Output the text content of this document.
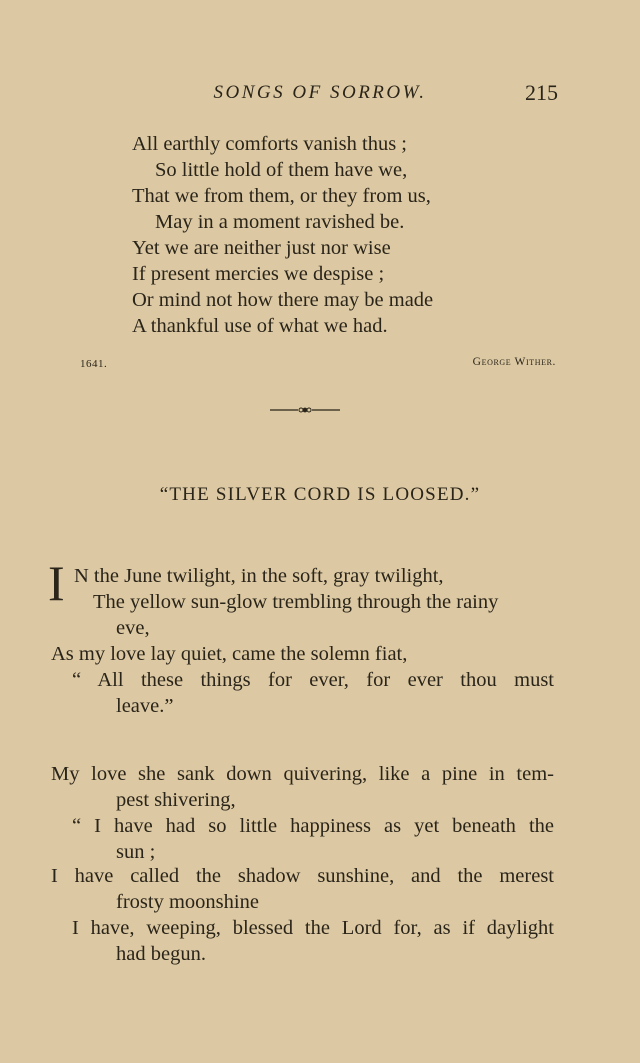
SONGS OF SORROW.	215
All earthly comforts vanish thus ;
So little hold of them have we,
That we from them, or they from us,
May in a moment ravished be.
Yet we are neither just nor wise
If present mercies we despise ;
Or mind not how there may be made
A thankful use of what we had.
1641.	George Wither.
“THE SILVER CORD IS LOOSED.”
I N the June twilight, in the soft, gray twilight,
The yellow sun-glow trembling through the rainy
eve,
As my love lay quiet, came the solemn fiat,
“ All these things for ever, for ever thou must
leave.”
My love she sank down quivering, like a pine in tem-
pest shivering,
“ I have had so little happiness as yet beneath the
sun ;
I have called the shadow sunshine, and the merest
frosty moonshine
I have, weeping, blessed the Lord for, as if daylight
had begun.
